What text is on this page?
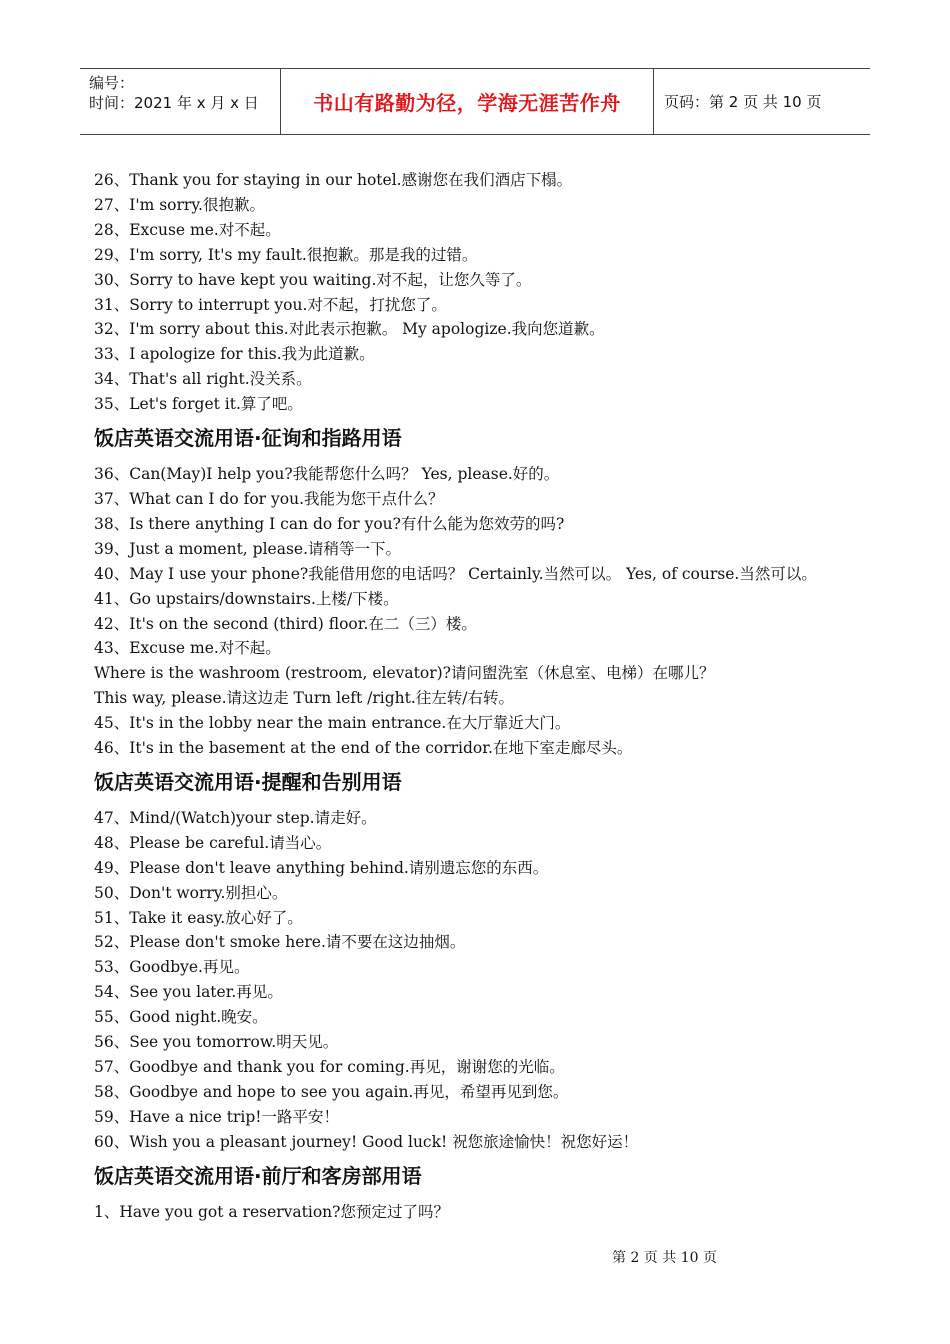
编号：
时间：2021 年 x 月 x 日	书山有路勤为径，学海无涯苦作舟	页码：第 2 页 共 10 页
26、Thank you for staying in our hotel.感谢您在我们酒店下榻。
27、I'm sorry.很抱歉。
28、Excuse me.对不起。
29、I'm sorry, It's my fault.很抱歉。那是我的过错。
30、Sorry to have kept you waiting.对不起，让您久等了。
31、Sorry to interrupt you.对不起，打扰您了。
32、I'm sorry about this.对此表示抱歉。 My apologize.我向您道歉。
33、I apologize for this.我为此道歉。
34、That's all right.没关系。
35、Let's forget it.算了吧。
饭店英语交流用语·征询和指路用语
36、Can(May)I help you?我能帮您什么吗？ Yes, please.好的。
37、What can I do for you.我能为您干点什么？
38、Is there anything I can do for you?有什么能为您效劳的吗?
39、Just a moment, please.请稍等一下。
40、May I use your phone?我能借用您的电话吗？ Certainly.当然可以。 Yes, of course.当然可以。
41、Go upstairs/downstairs.上楼/下楼。
42、It's on the second (third) floor.在二（三）楼。
43、Excuse me.对不起。
Where is the washroom (restroom, elevator)?请问盥洗室（休息室、电梯）在哪儿？
This way, please.请这边走 Turn left /right.往左转/右转。
45、It's in the lobby near the main entrance.在大厅靠近大门。
46、It's in the basement at the end of the corridor.在地下室走廊尽头。
饭店英语交流用语·提醒和告别用语
47、Mind/(Watch)your step.请走好。
48、Please be careful.请当心。
49、Please don't leave anything behind.请别遗忘您的东西。
50、Don't worry.别担心。
51、Take it easy.放心好了。
52、Please don't smoke here.请不要在这边抽烟。
53、Goodbye.再见。
54、See you later.再见。
55、Good night.晚安。
56、See you tomorrow.明天见。
57、Goodbye and thank you for coming.再见，谢谢您的光临。
58、Goodbye and hope to see you again.再见，希望再见到您。
59、Have a nice trip!一路平安！
60、Wish you a pleasant journey! Good luck! 祝您旅途愉快！祝您好运！
饭店英语交流用语·前厅和客房部用语
1、Have you got a reservation?您预定过了吗？
第 2 页 共 10 页
